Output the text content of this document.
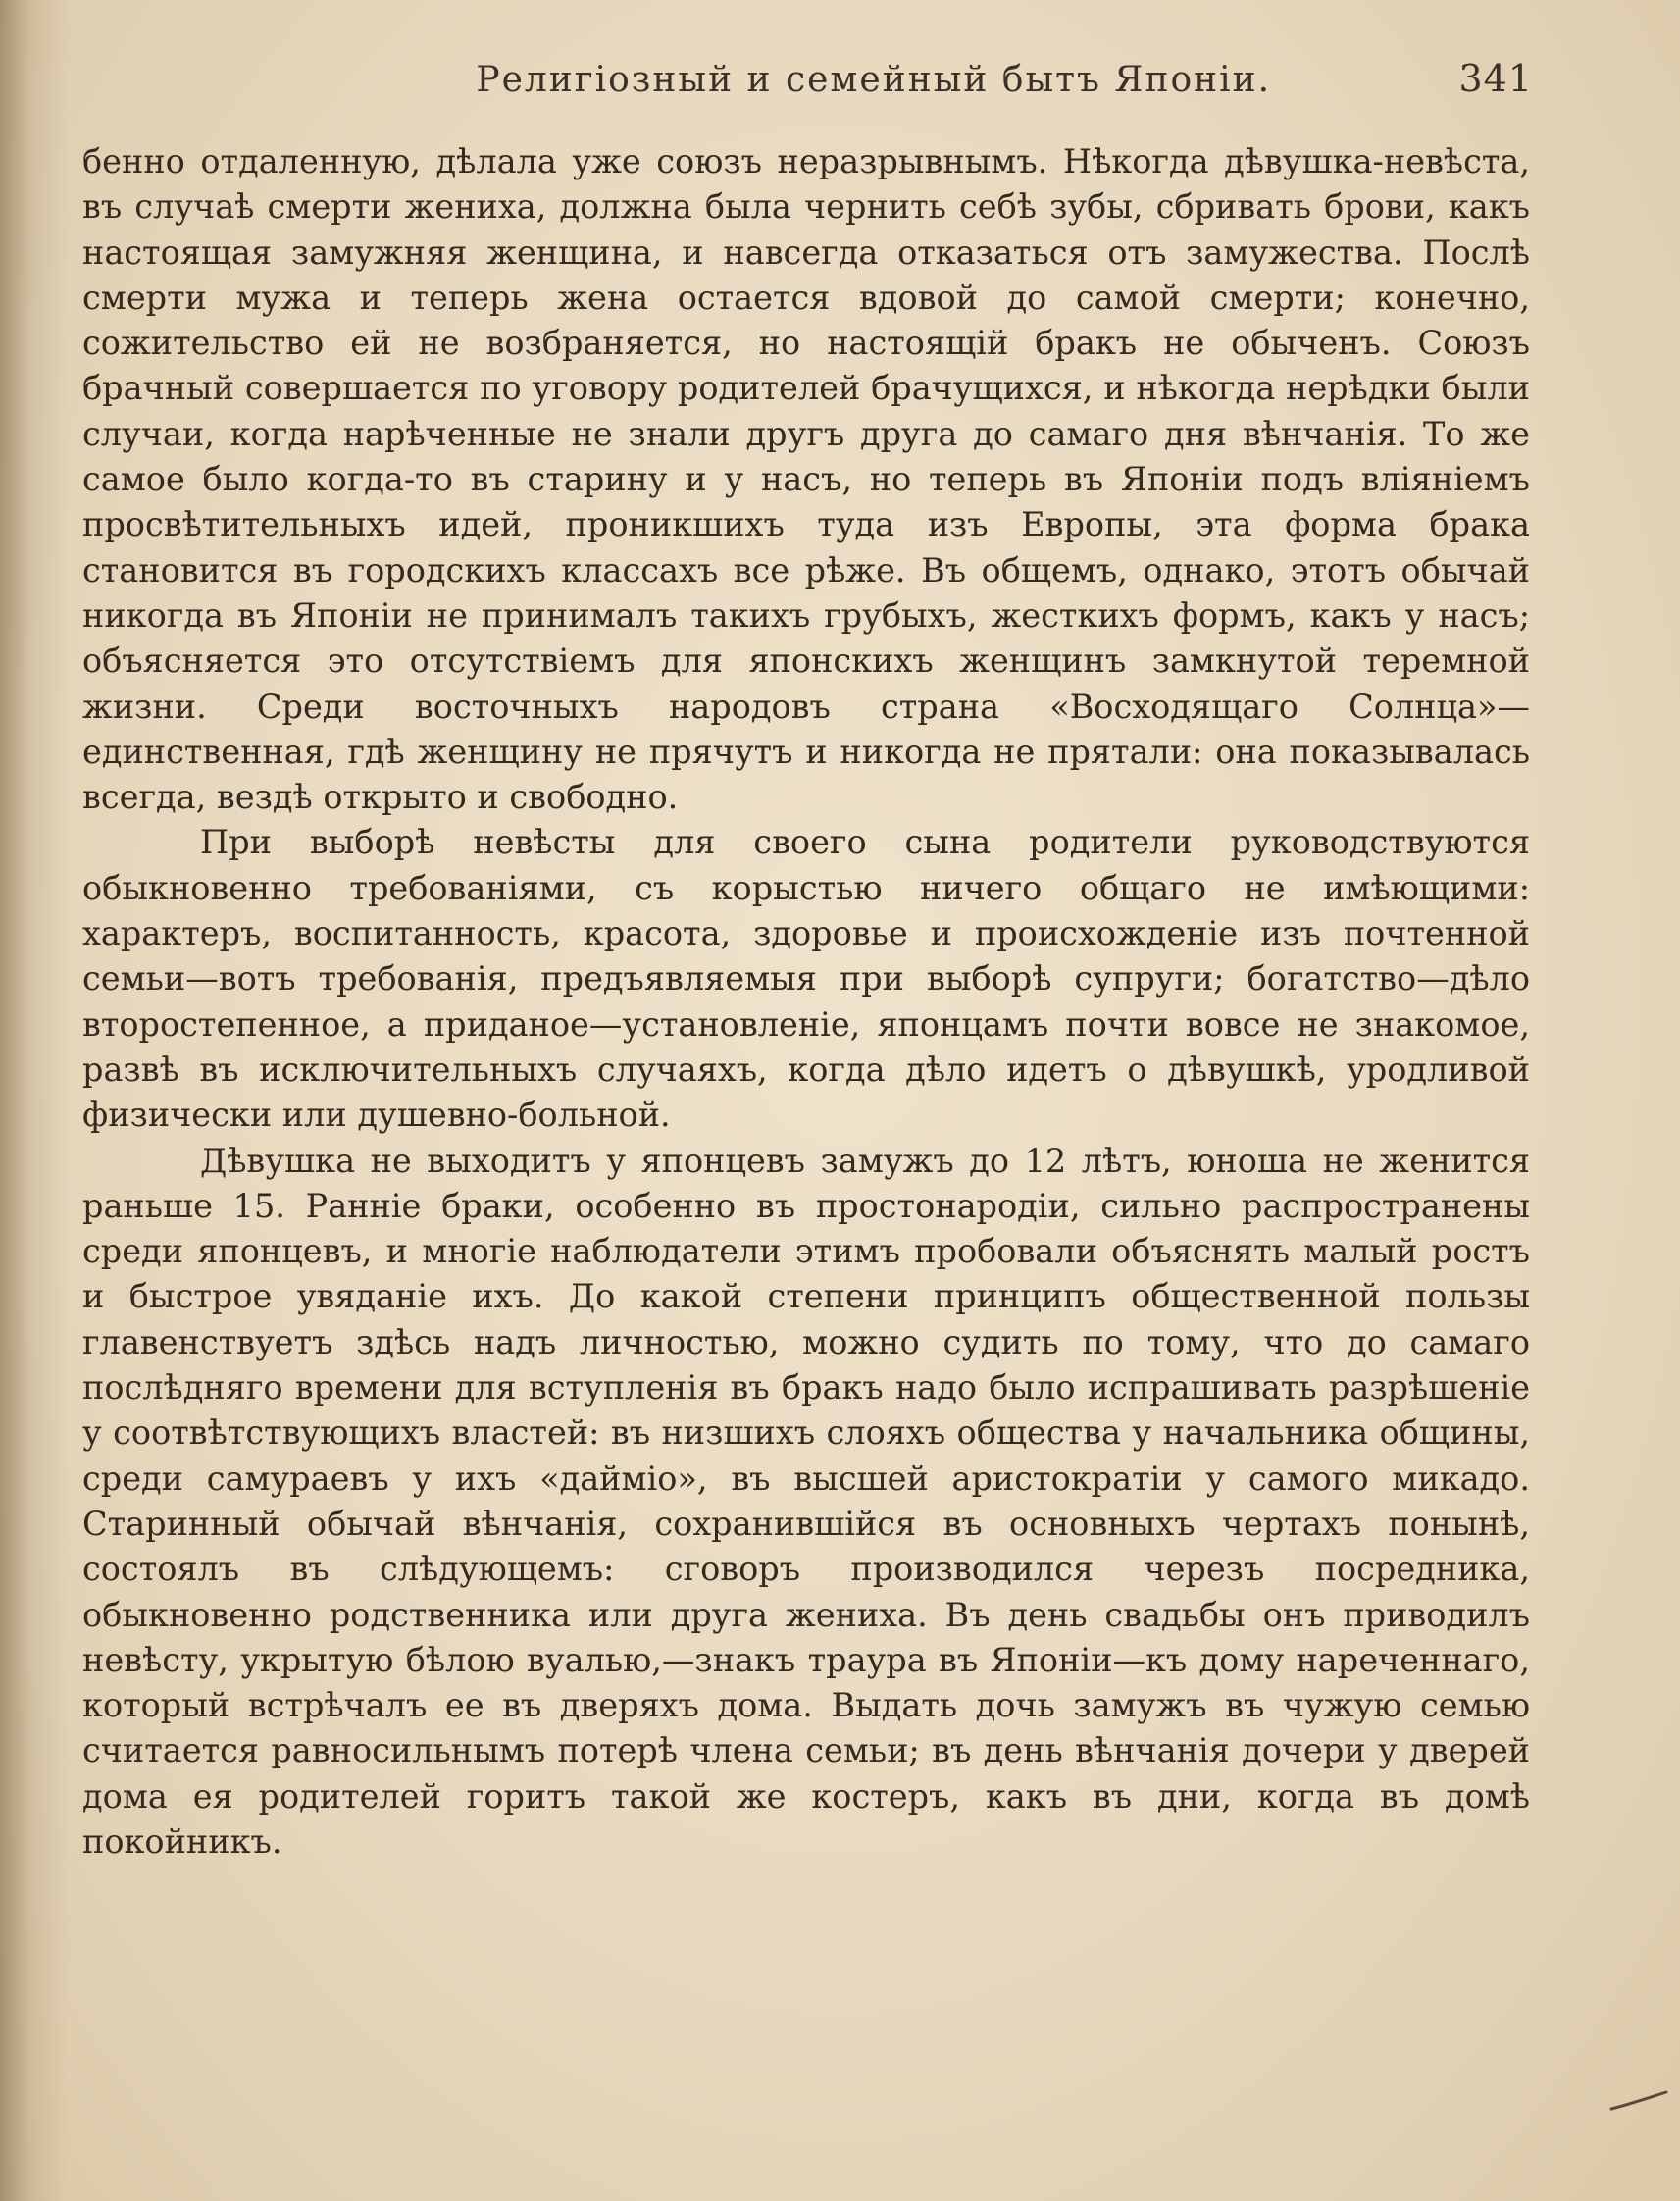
Религіозный и семейный бытъ Японіи.	341

бенно отдаленную, дѣлала уже союзъ неразрывнымъ. Нѣкогда дѣвушка-невѣста, въ случаѣ смерти жениха, должна была чернить себѣ зубы, сбривать брови, какъ настоящая замужняя женщина, и навсегда отказаться отъ замужества. Послѣ смерти мужа и теперь жена остается вдовой до самой смерти; конечно, сожительство ей не возбраняется, но настоящій бракъ не обыченъ. Союзъ брачный совершается по уговору родителей брачущихся, и нѣкогда нерѣдки были случаи, когда нарѣченные не знали другъ друга до самаго дня вѣнчанія. То же самое было когда-то въ старину и у насъ, но теперь въ Японіи подъ вліяніемъ просвѣтительныхъ идей, проникшихъ туда изъ Европы, эта форма брака становится въ городскихъ классахъ все рѣже. Въ общемъ, однако, этотъ обычай никогда въ Японіи не принималъ такихъ грубыхъ, жесткихъ формъ, какъ у насъ; объясняется это отсутствіемъ для японскихъ женщинъ замкнутой теремной жизни. Среди восточныхъ народовъ страна «Восходящаго Солнца»—единственная, гдѣ женщину не прячутъ и никогда не прятали: она показывалась всегда, вездѣ открыто и свободно.

При выборѣ невѣсты для своего сына родители руководствуются обыкновенно требованіями, съ корыстью ничего общаго не имѣющими: характеръ, воспитанность, красота, здоровье и происхожденіе изъ почтенной семьи—вотъ требованія, предъявляемыя при выборѣ супруги; богатство—дѣло второстепенное, а приданое—установленіе, японцамъ почти вовсе не знакомое, развѣ въ исключительныхъ случаяхъ, когда дѣло идетъ о дѣвушкѣ, уродливой физически или душевно-больной.

Дѣвушка не выходитъ у японцевъ замужъ до 12 лѣтъ, юноша не женится раньше 15. Ранніе браки, особенно въ простонародіи, сильно распространены среди японцевъ, и многіе наблюдатели этимъ пробовали объяснять малый ростъ и быстрое увяданіе ихъ. До какой степени принципъ общественной пользы главенствуетъ здѣсь надъ личностью, можно судить по тому, что до самаго послѣдняго времени для вступленія въ бракъ надо было испрашивать разрѣшеніе у соотвѣтствующихъ властей: въ низшихъ слояхъ общества у начальника общины, среди самураевъ у ихъ «дайміо», въ высшей аристократіи у самого микадо. Старинный обычай вѣнчанія, сохранившійся въ основныхъ чертахъ понынѣ, состоялъ въ слѣдующемъ: сговоръ производился черезъ посредника, обыкновенно родственника или друга жениха. Въ день свадьбы онъ приводилъ невѣсту, укрытую бѣлою вуалью,—знакъ траура въ Японіи—къ дому нареченнаго, который встрѣчалъ ее въ дверяхъ дома. Выдать дочь замужъ въ чужую семью считается равносильнымъ потерѣ члена семьи; въ день вѣнчанія дочери у дверей дома ея родителей горитъ такой же костеръ, какъ въ дни, когда въ домѣ покойникъ.
